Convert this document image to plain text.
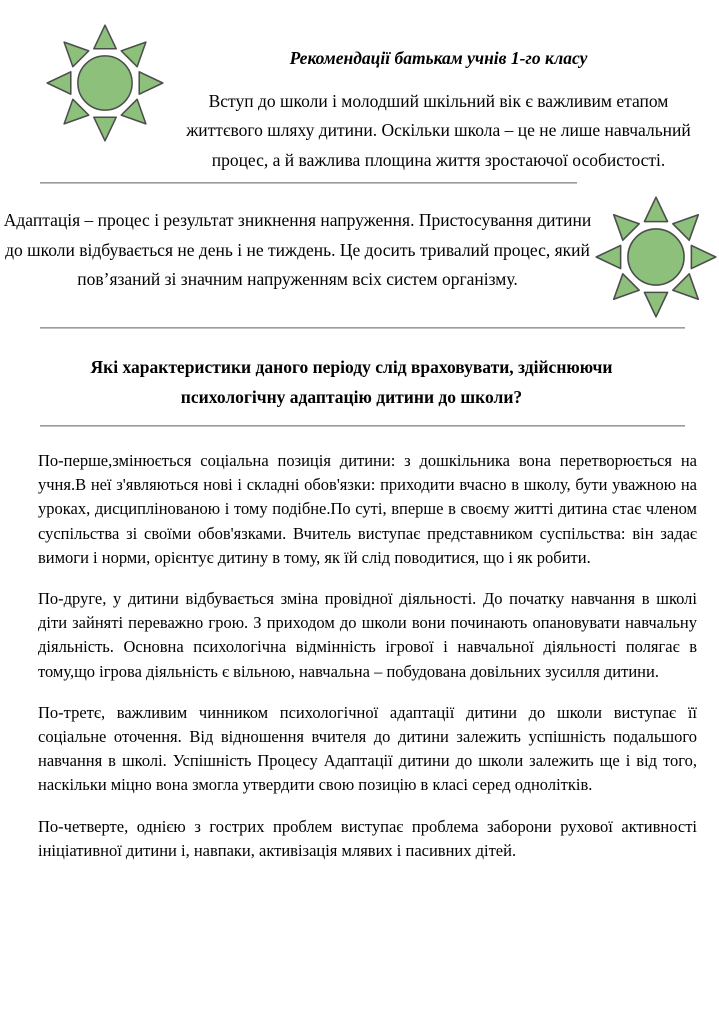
Рекомендації батькам учнів 1-го класу
Вступ до школи і молодший шкільний вік є важливим етапом життєвого шляху дитини. Оскільки школа – це не лише навчальний процес, а й важлива площина життя зростаючої особистості.
Адаптація – процес і результат зникнення напруження. Пристосування дитини до школи відбувається не день і не тиждень. Це досить тривалий процес, який пов’язаний зі значним напруженням всіх систем організму.
Які характеристики даного періоду слід враховувати, здійснюючи психологічну адаптацію дитини до школи?

По-перше,змінюється соціальна позиція дитини: з дошкільника вона перетворюється на учня.В неї з'являються нові і складні обов'язки: приходити вчасно в школу, бути уважною на уроках, дисциплінованою і тому подібне.По суті, вперше в своєму житті дитина стає членом суспільства зі своїми обов'язками. Вчитель виступає представником суспільства: він задає вимоги і норми, орієнтує дитину в тому, як їй слід поводитися, що і як робити.

По-друге, у дитини відбувається зміна провідної діяльності. До початку навчання в школі діти зайняті переважно грою. З приходом до школи вони починають опановувати навчальну діяльність. Основна психологічна відмінність ігрової і навчальної діяльності полягає в тому,що ігрова діяльність є вільною, навчальна – побудована довільних зусилля дитини.

По-третє, важливим чинником психологічної адаптації дитини до школи виступає її соціальне оточення. Від відношення вчителя до дитини залежить успішність подальшого навчання в школі. Успішність Процесу Адаптації дитини до школи залежить ще і від того, наскільки міцно вона змогла утвердити свою позицію в класі серед однолітків.

По-четверте, однією з гострих проблем виступає проблема заборони рухової активності ініціативної дитини і, навпаки, активізація млявих і пасивних дітей.
